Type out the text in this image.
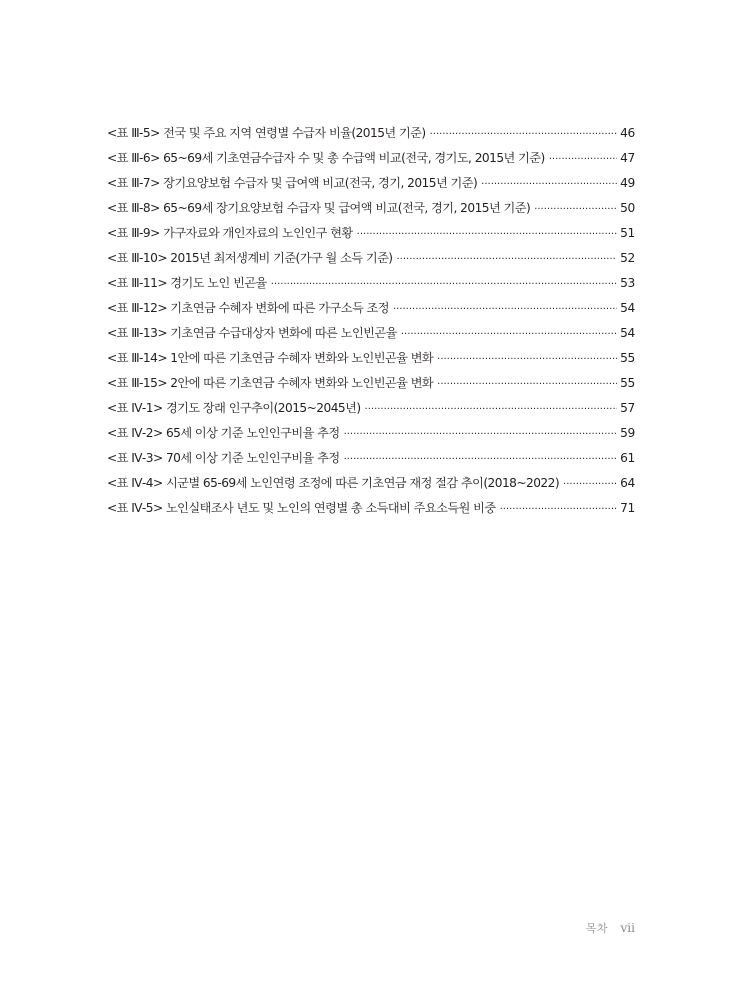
<표 Ⅲ-5> 전국 및 주요 지역 연령별 수급자 비율(2015년 기준) ·····	46
<표 Ⅲ-6> 65~69세 기초연금수급자 수 및 총 수급액 비교(전국, 경기도, 2015년 기준) ·····	47
<표 Ⅲ-7> 장기요양보험 수급자 및 급여액 비교(전국, 경기, 2015년 기준) ·····	49
<표 Ⅲ-8> 65~69세 장기요양보험 수급자 및 급여액 비교(전국, 경기, 2015년 기준) ·····	50
<표 Ⅲ-9> 가구자료와 개인자료의 노인인구 현황 ·····	51
<표 Ⅲ-10> 2015년 최저생계비 기준(가구 월 소득 기준) ·····	52
<표 Ⅲ-11> 경기도 노인 빈곤율 ·····	53
<표 Ⅲ-12> 기초연금 수혜자 변화에 따른 가구소득 조정 ·····	54
<표 Ⅲ-13> 기초연금 수급대상자 변화에 따른 노인빈곤율 ·····	54
<표 Ⅲ-14> 1안에 따른 기초연금 수혜자 변화와 노인빈곤율 변화 ·····	55
<표 Ⅲ-15> 2안에 따른 기초연금 수혜자 변화와 노인빈곤율 변화 ·····	55
<표 Ⅳ-1> 경기도 장래 인구추이(2015~2045년) ·····	57
<표 Ⅳ-2> 65세 이상 기준 노인인구비율 추정 ·····	59
<표 Ⅳ-3> 70세 이상 기준 노인인구비율 추정 ·····	61
<표 Ⅳ-4> 시군별 65-69세 노인연령 조정에 따른 기초연금 재정 절감 추이(2018~2022) ·····	64
<표 Ⅳ-5> 노인실태조사 년도 및 노인의 연령별 총 소득대비 주요소득원 비중 ·····	71
목차 vii
